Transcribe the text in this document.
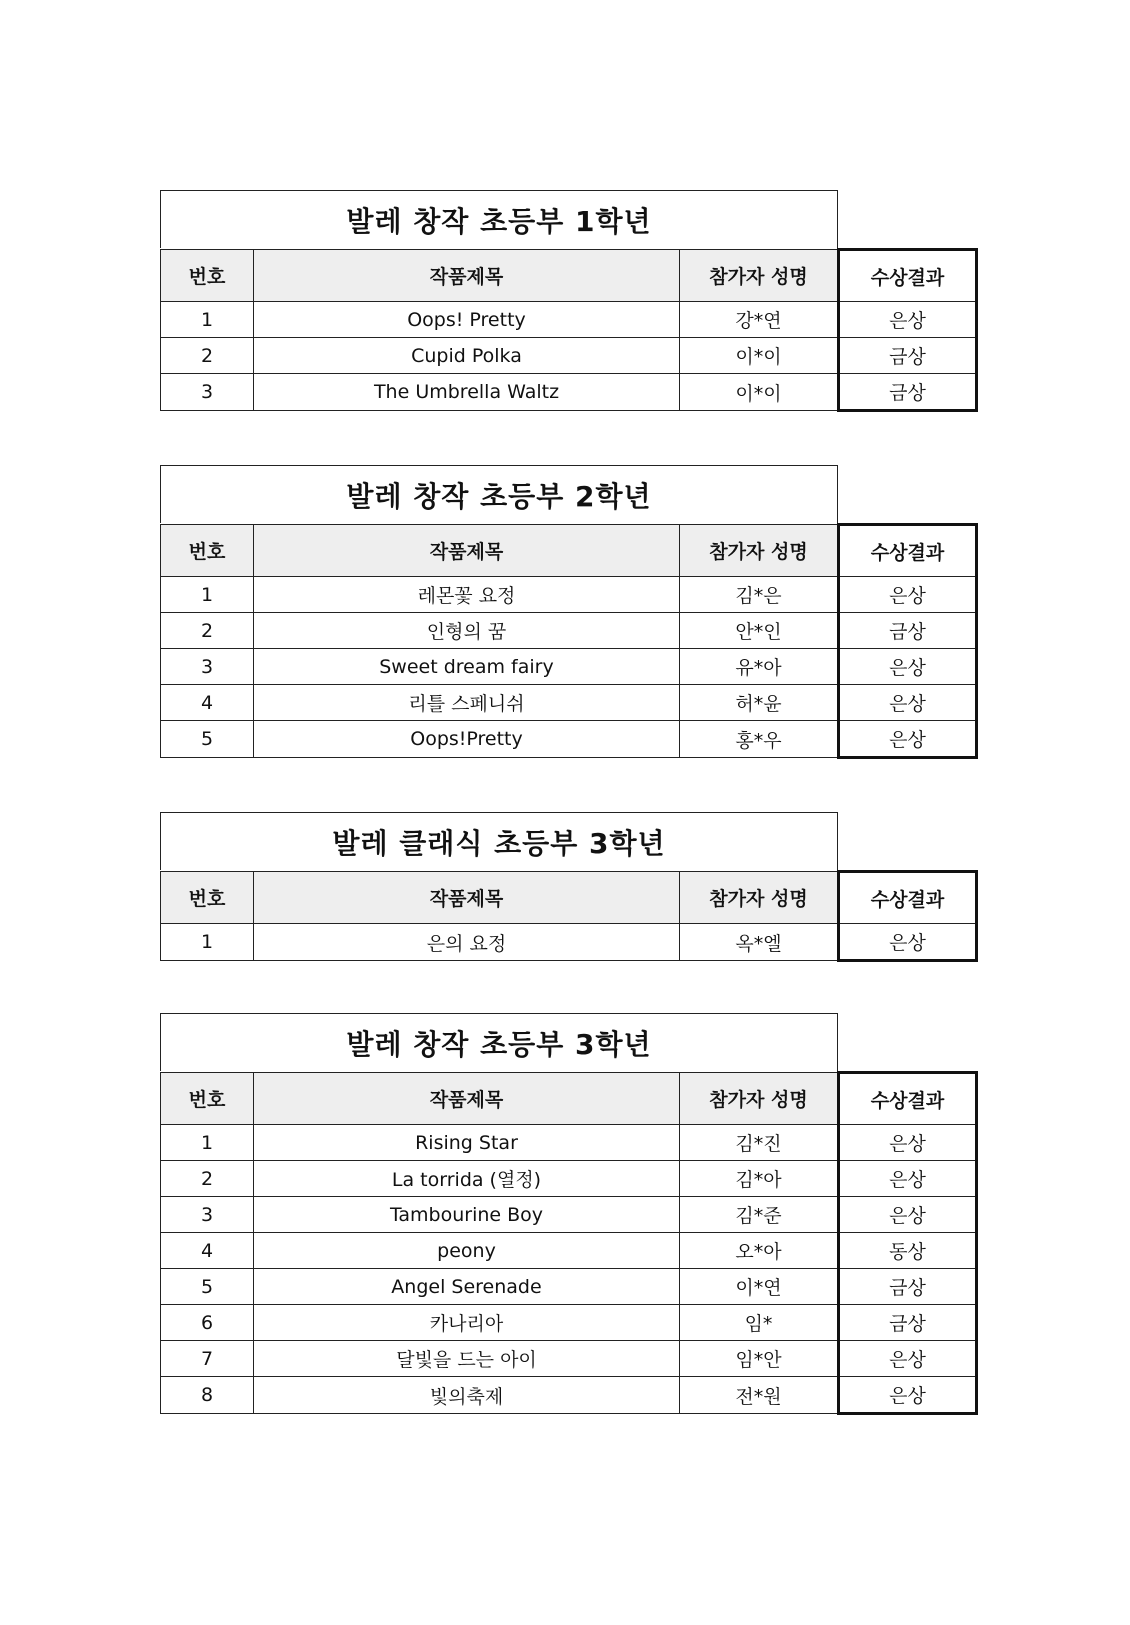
발레 창작 초등부 1학년
번호	작품제목	참가자 성명	수상결과
1	Oops! Pretty	강*연	은상
2	Cupid Polka	이*이	금상
3	The Umbrella Waltz	이*이	금상
발레 창작 초등부 2학년
번호	작품제목	참가자 성명	수상결과
1	레몬꽃 요정	김*은	은상
2	인형의 꿈	안*인	금상
3	Sweet dream fairy	유*아	은상
4	리틀 스페니쉬	허*윤	은상
5	Oops!Pretty	홍*우	은상
발레 클래식 초등부 3학년
번호	작품제목	참가자 성명	수상결과
1	은의 요정	옥*엘	은상
발레 창작 초등부 3학년
번호	작품제목	참가자 성명	수상결과
1	Rising Star	김*진	은상
2	La torrida (열정)	김*아	은상
3	Tambourine Boy	김*준	은상
4	peony	오*아	동상
5	Angel Serenade	이*연	금상
6	카나리아	임*	금상
7	달빛을 드는 아이	임*안	은상
8	빛의축제	전*원	은상
